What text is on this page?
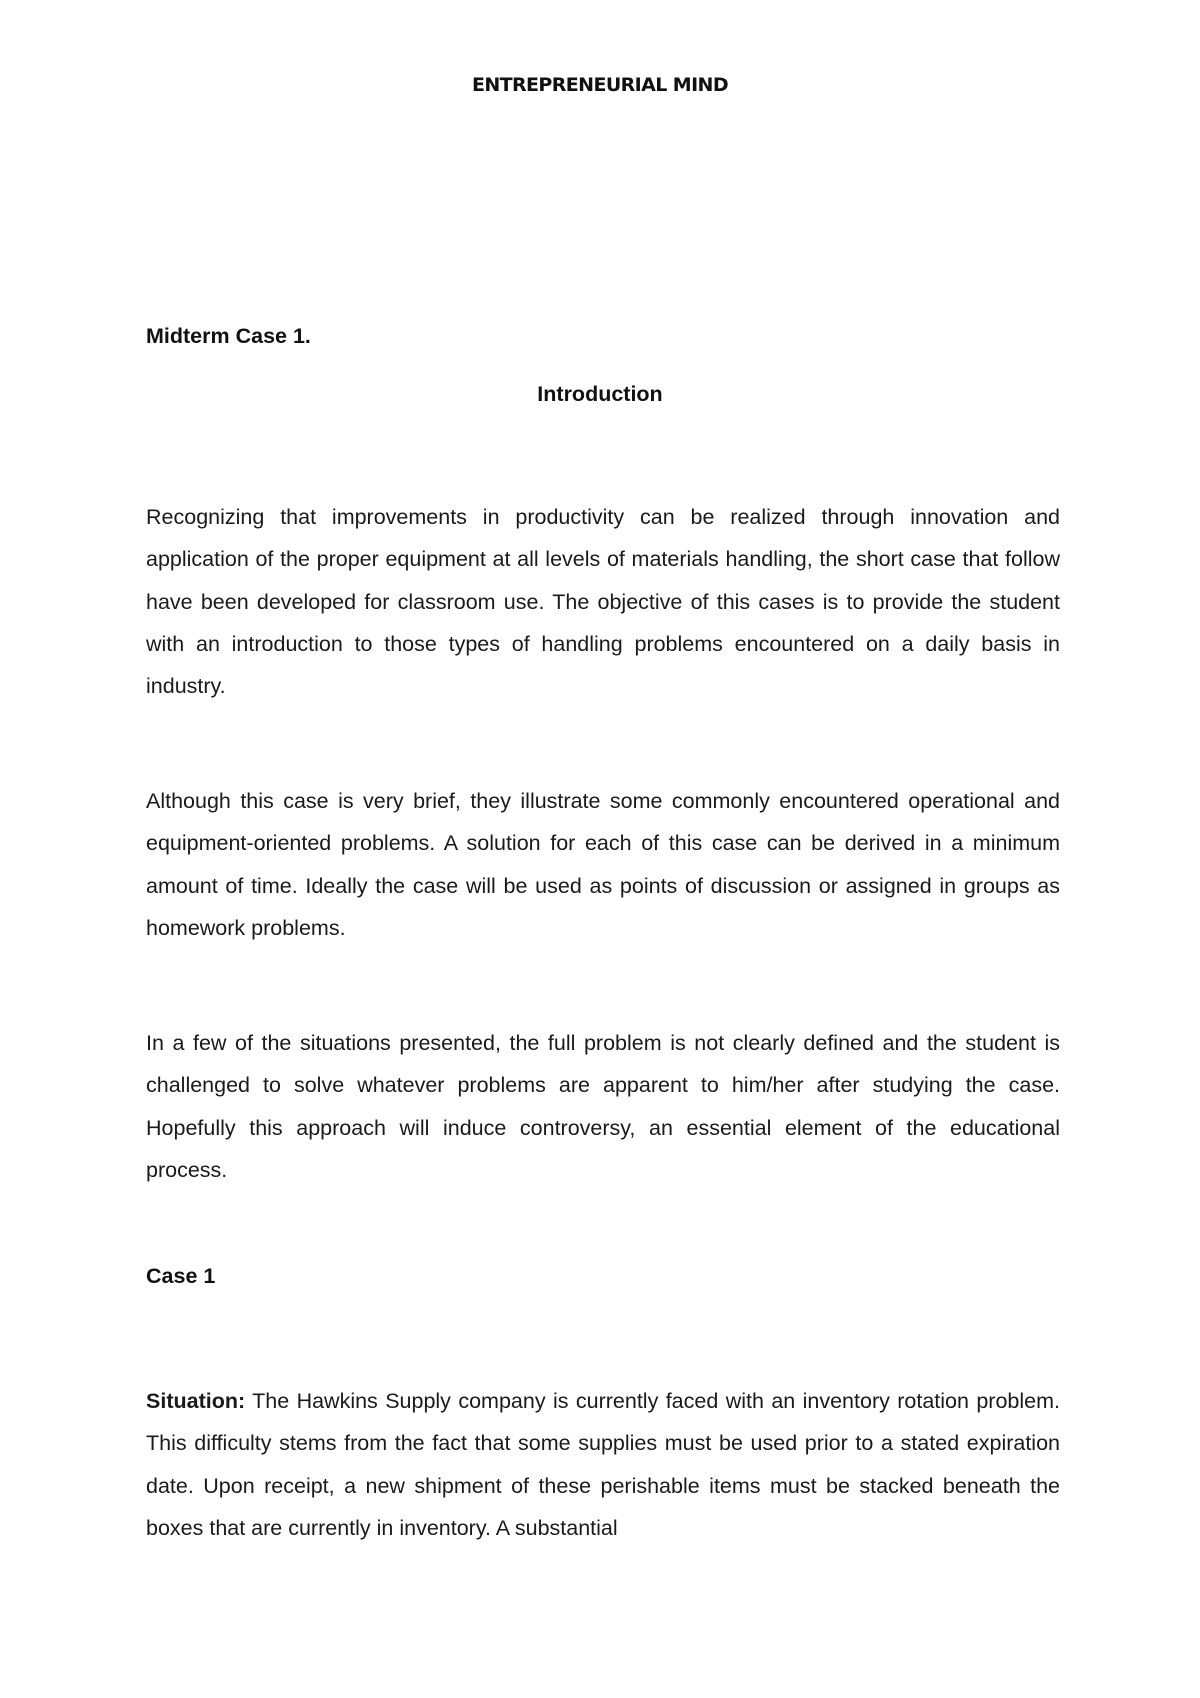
ENTREPRENEURIAL MIND
Midterm Case 1.
Introduction
Recognizing that improvements in productivity can be realized through innovation and application of the proper equipment at all levels of materials handling, the short case that follow have been developed for classroom use. The objective of this cases is to provide the student with an introduction to those types of handling problems encountered on a daily basis in industry.
Although this case is very brief, they illustrate some commonly encountered operational and equipment-oriented problems. A solution for each of this case can be derived in a minimum amount of time. Ideally the case will be used as points of discussion or assigned in groups as homework problems.
In a few of the situations presented, the full problem is not clearly defined and the student is challenged to solve whatever problems are apparent to him/her after studying the case. Hopefully this approach will induce controversy, an essential element of the educational process.
Case 1
Situation: The Hawkins Supply company is currently faced with an inventory rotation problem. This difficulty stems from the fact that some supplies must be used prior to a stated expiration date. Upon receipt, a new shipment of these perishable items must be stacked beneath the boxes that are currently in inventory. A substantial
